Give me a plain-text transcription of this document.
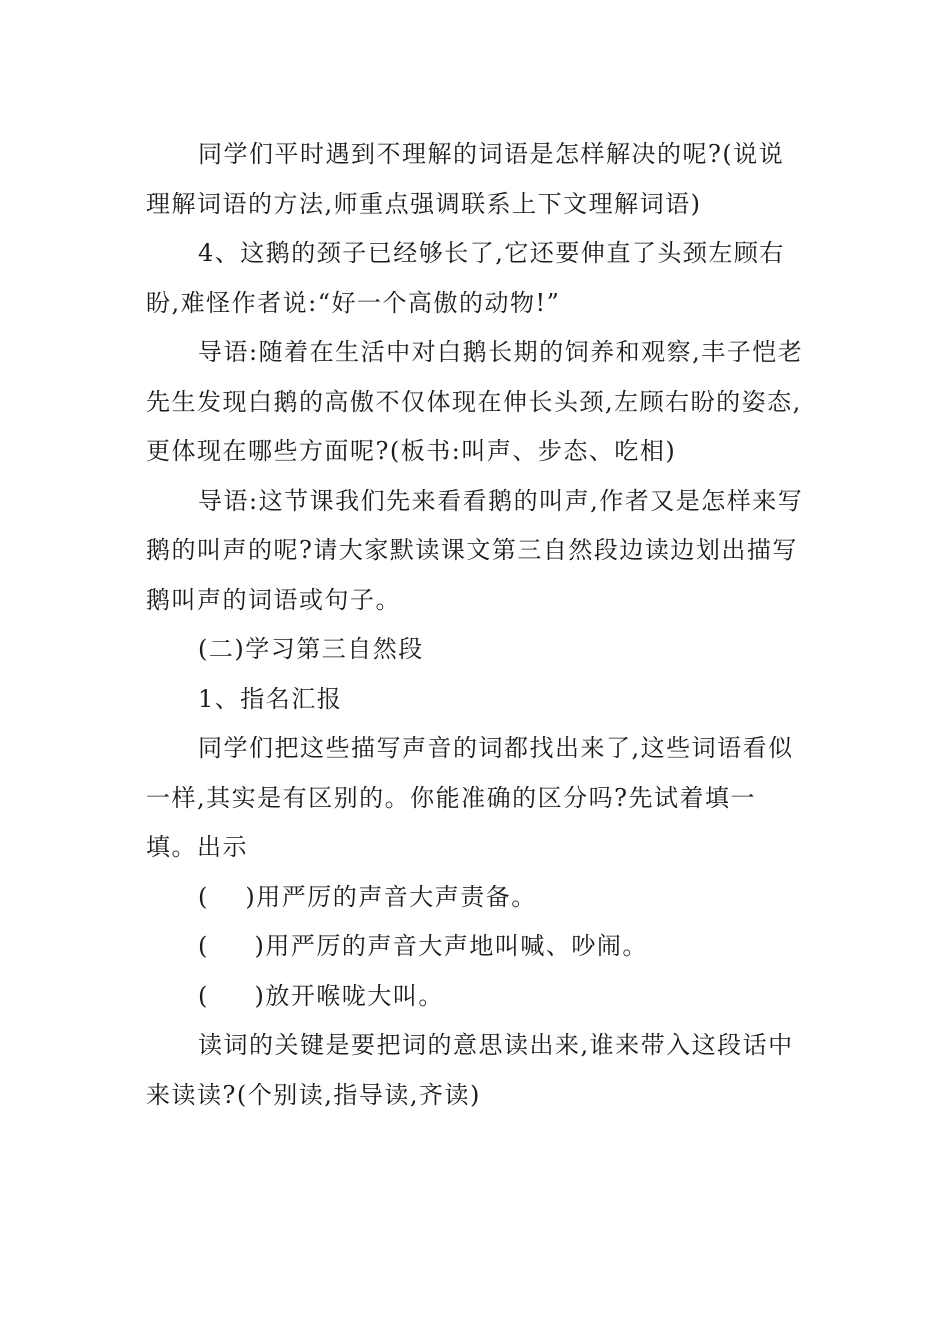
同学们平时遇到不理解的词语是怎样解决的呢?(说说理解词语的方法,师重点强调联系上下文理解词语)

4、这鹅的颈子已经够长了,它还要伸直了头颈左顾右盼,难怪作者说:“好一个高傲的动物!”

导语:随着在生活中对白鹅长期的饲养和观察,丰子恺老先生发现白鹅的高傲不仅体现在伸长头颈,左顾右盼的姿态,更体现在哪些方面呢?(板书:叫声、步态、吃相)

导语:这节课我们先来看看鹅的叫声,作者又是怎样来写鹅的叫声的呢?请大家默读课文第三自然段边读边划出描写鹅叫声的词语或句子。

(二)学习第三自然段

1、指名汇报

同学们把这些描写声音的词都找出来了,这些词语看似一样,其实是有区别的。你能准确的区分吗?先试着填一填。出示

(    )用严厉的声音大声责备。

(     )用严厉的声音大声地叫喊、吵闹。

(     )放开喉咙大叫。

读词的关键是要把词的意思读出来,谁来带入这段话中来读读?(个别读,指导读,齐读)
